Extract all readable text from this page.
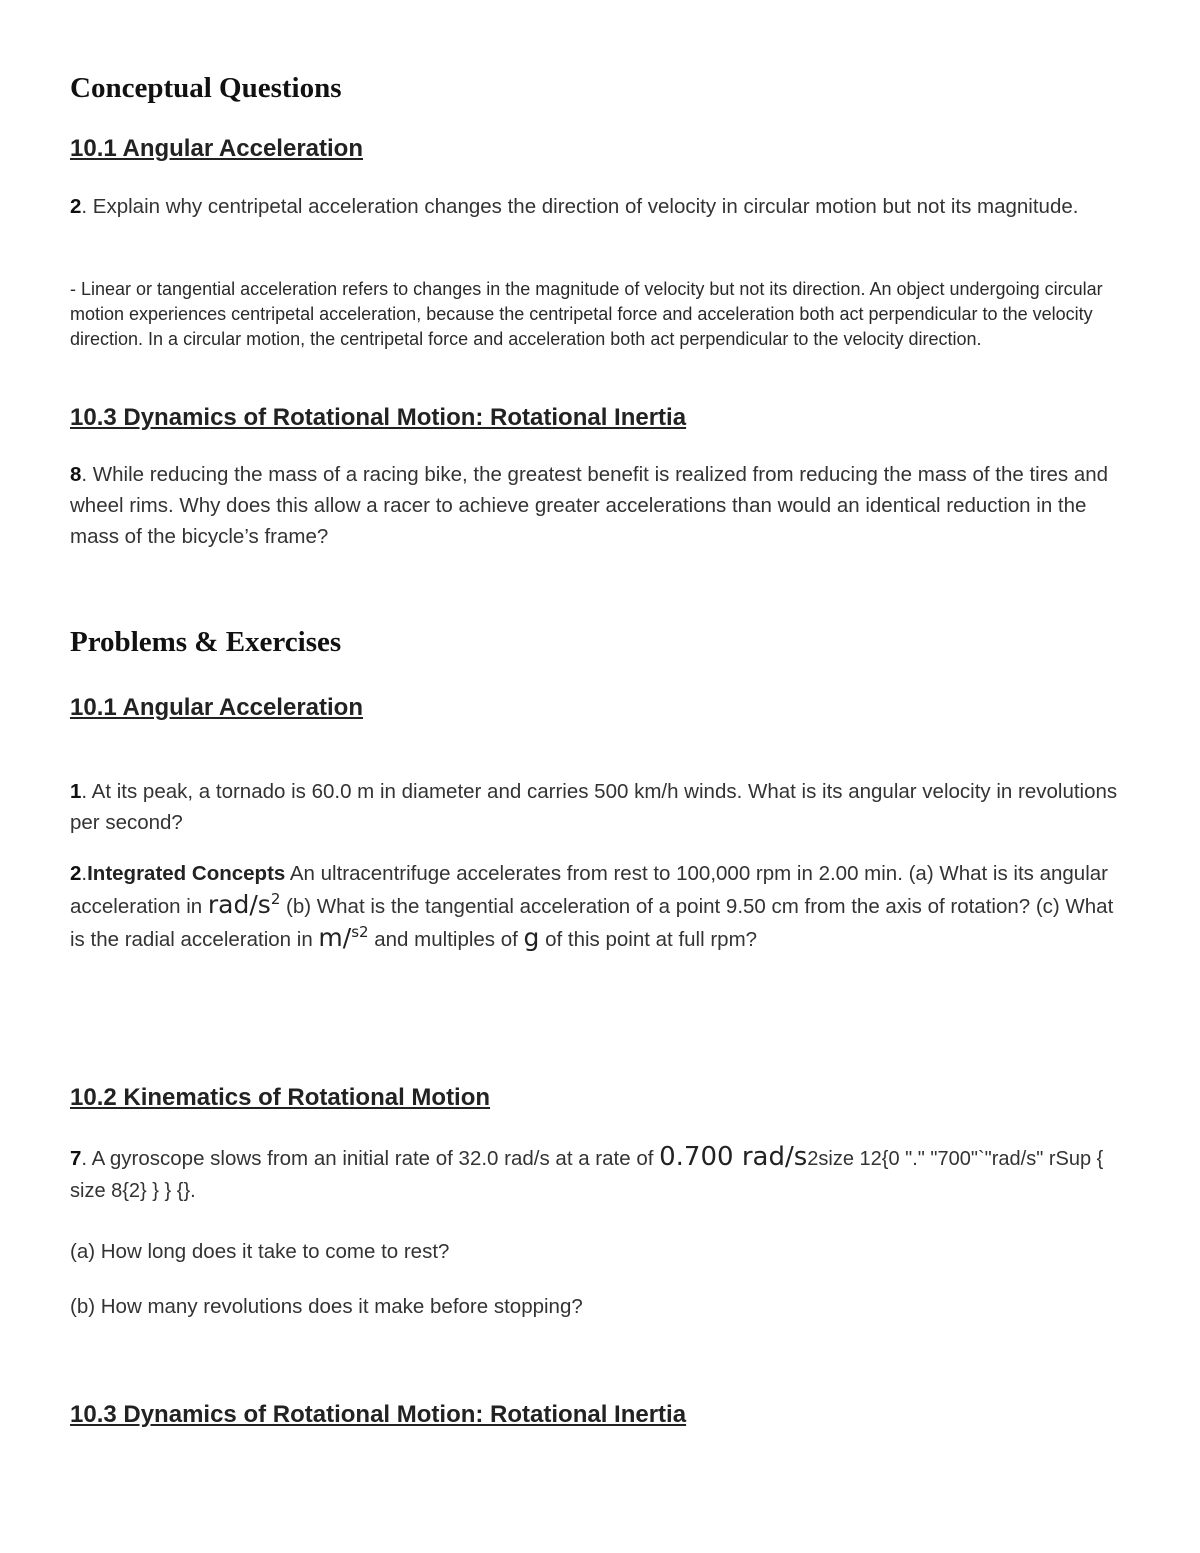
Conceptual Questions
10.1 Angular Acceleration

2. Explain why centripetal acceleration changes the direction of velocity in circular motion but not its magnitude.

- Linear or tangential acceleration refers to changes in the magnitude of velocity but not its direction. An object undergoing circular motion experiences centripetal acceleration, because the centripetal force and acceleration both act perpendicular to the velocity direction. In a circular motion, the centripetal force and acceleration both act perpendicular to the velocity direction.

10.3 Dynamics of Rotational Motion: Rotational Inertia

8. While reducing the mass of a racing bike, the greatest benefit is realized from reducing the mass of the tires and wheel rims. Why does this allow a racer to achieve greater accelerations than would an identical reduction in the mass of the bicycle’s frame?

Problems & Exercises
10.1 Angular Acceleration

1. At its peak, a tornado is 60.0 m in diameter and carries 500 km/h winds. What is its angular velocity in revolutions per second?

2.Integrated Concepts An ultracentrifuge accelerates from rest to 100,000 rpm in 2.00 min. (a) What is its angular acceleration in rad/$s^2$ (b) What is the tangential acceleration of a point 9.50 cm from the axis of rotation? (c) What is the radial acceleration in m/$^{s2}$ and multiples of g of this point at full rpm?

10.2 Kinematics of Rotational Motion

7. A gyroscope slows from an initial rate of 32.0 rad/s at a rate of 0.700 rad/s2size 12{0 "." "700"`"rad/s" rSup { size 8{2} } } {}.

(a) How long does it take to come to rest?

(b) How many revolutions does it make before stopping?

10.3 Dynamics of Rotational Motion: Rotational Inertia
